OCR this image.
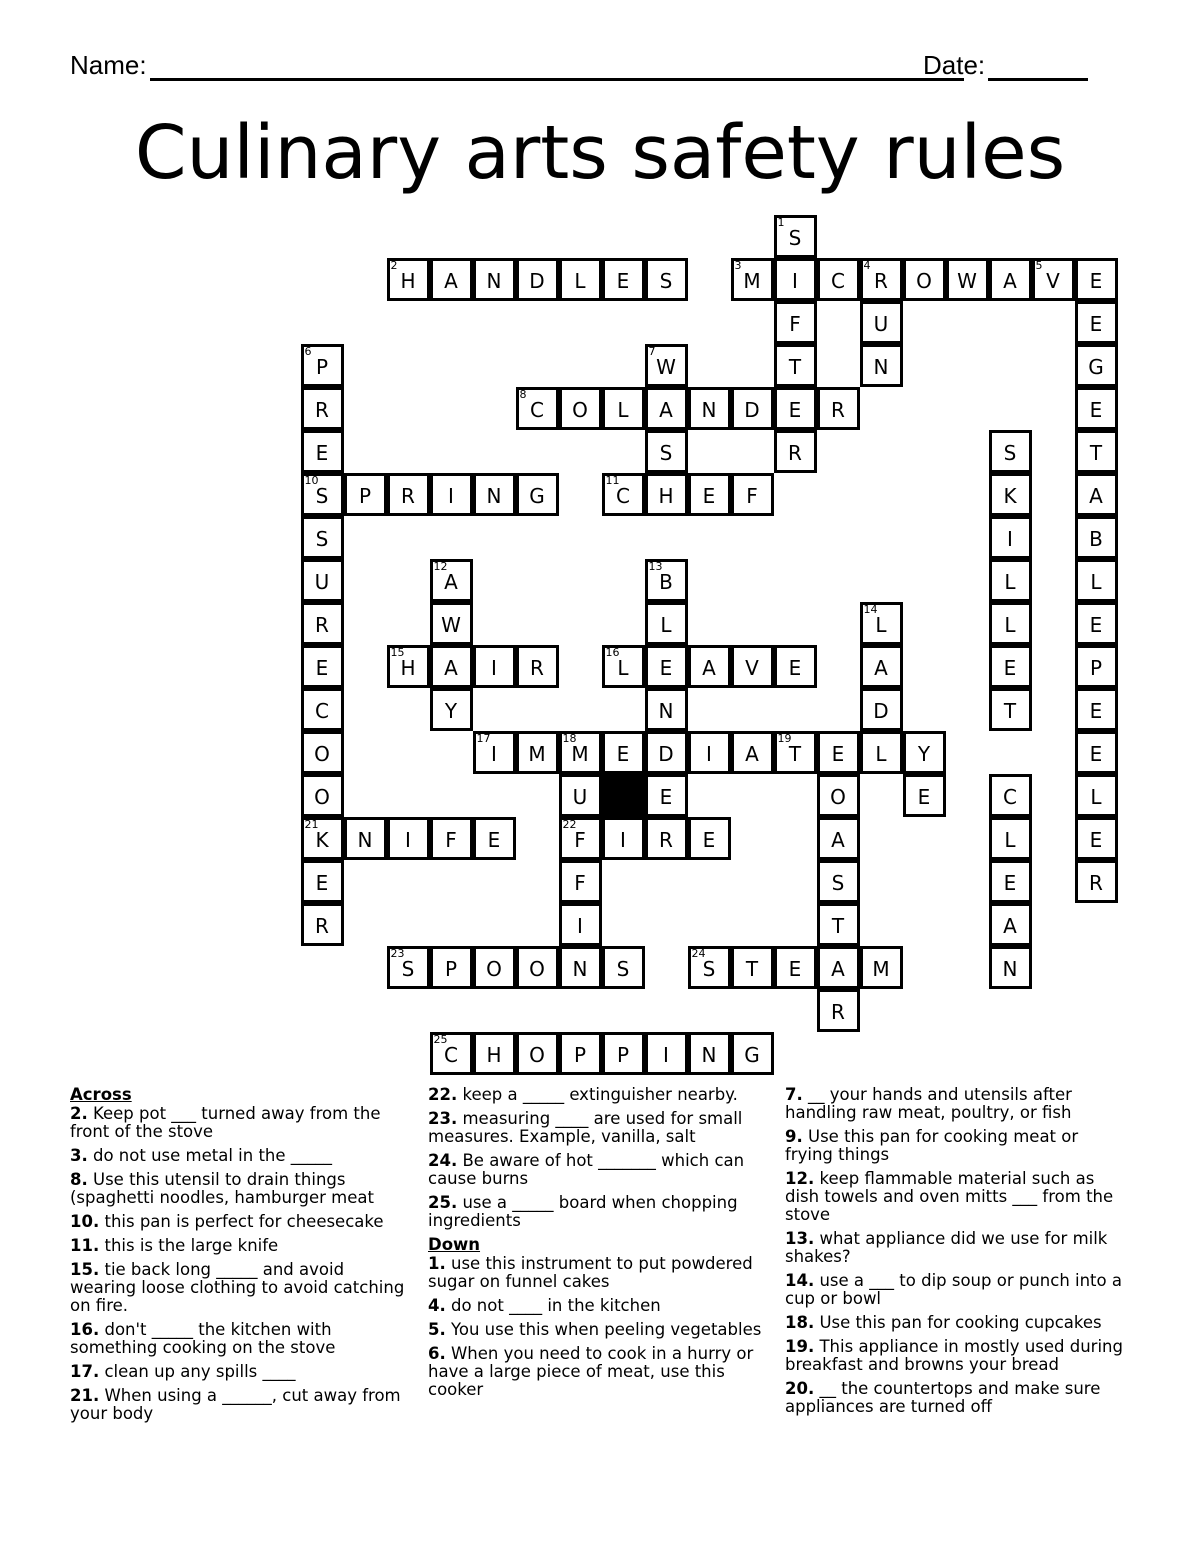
Name:	Date:
Culinary arts safety rules
1
S
2
H	A	N	D	L	E	S
3
M	I	C
4
R	O	W	A
5
V	E
F	U	E
6
P
7
W	T	N	G
R
8
C	O	L	A	N	D	E	R	E
E	S	R	S	T
10
S	P	R	I	N	G
11
C	H	E	F	K	A
S	I	B
U
12
A
13
B	L	L
R	W	L
14
L	L	E
E
15
H	A	I	R
16
L	E	A	V	E	A	E	P
C	Y	N	D	T	E
O
17
I	M
18
M	E	D	I	A
19
T	E	L	Y	E
O	U	E	O	E	C	L
21
K	N	I	F	E
22
F	I	R	E	A	L	E
E	F	S	E	R
R	I	T	A
23
S	P	O	O	N	S
24
S	T	E	A	M	N
R
25
C	H	O	P	P	I	N	G
Across
2. Keep pot ___ turned away from the front of the stove
3. do not use metal in the _____
8. Use this utensil to drain things (spaghetti noodles, hamburger meat
10. this pan is perfect for cheesecake
11. this is the large knife
15. tie back long _____ and avoid wearing loose clothing to avoid catching on fire.
16. don't _____ the kitchen with something cooking on the stove
17. clean up any spills ____
21. When using a ______, cut away from your body
22. keep a _____ extinguisher nearby.
23. measuring ____ are used for small measures. Example, vanilla, salt
24. Be aware of hot _______ which can cause burns
25. use a _____ board when chopping ingredients
Down
1. use this instrument to put powdered sugar on funnel cakes
4. do not ____ in the kitchen
5. You use this when peeling vegetables
6. When you need to cook in a hurry or have a large piece of meat, use this cooker
7. __ your hands and utensils after handling raw meat, poultry, or fish
9. Use this pan for cooking meat or frying things
12. keep flammable material such as dish towels and oven mitts ___ from the stove
13. what appliance did we use for milk shakes?
14. use a ___ to dip soup or punch into a cup or bowl
18. Use this pan for cooking cupcakes
19. This appliance in mostly used during breakfast and browns your bread
20. __ the countertops and make sure appliances are turned off
